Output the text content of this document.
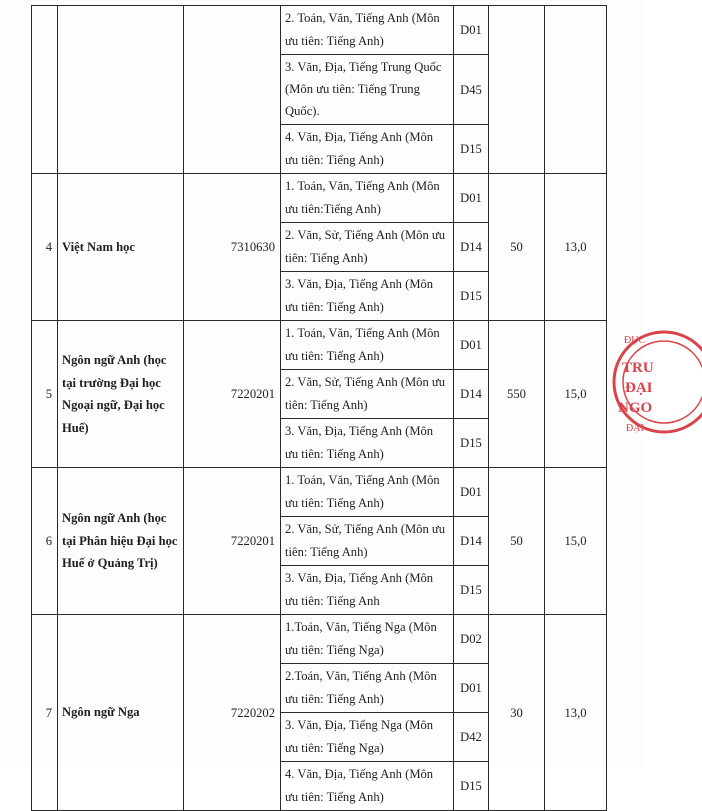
			2. Toán, Văn, Tiếng Anh (Môn ưu tiên: Tiếng Anh)	D01		
			3. Văn, Địa, Tiếng Trung Quốc (Môn ưu tiên: Tiếng Trung Quốc).	D45		
			4. Văn, Địa, Tiếng Anh (Môn ưu tiên: Tiếng Anh)	D15		
4	Việt Nam học	7310630	1. Toán, Văn, Tiếng Anh (Môn ưu tiên:Tiếng Anh)	D01	50	13,0
			2. Văn, Sử, Tiếng Anh (Môn ưu tiên: Tiếng Anh)	D14		
			3. Văn, Địa, Tiếng Anh (Môn ưu tiên: Tiếng Anh)	D15		
5	Ngôn ngữ Anh (học tại trường Đại học Ngoại ngữ, Đại học Huế)	7220201	1. Toán, Văn, Tiếng Anh (Môn ưu tiên: Tiếng Anh)	D01	550	15,0
			2. Văn, Sử, Tiếng Anh (Môn ưu tiên: Tiếng Anh)	D14		
			3. Văn, Địa, Tiếng Anh (Môn ưu tiên: Tiếng Anh)	D15		
6	Ngôn ngữ Anh (học tại Phân hiệu Đại học Huế ở Quảng Trị)	7220201	1. Toán, Văn, Tiếng Anh (Môn ưu tiên: Tiếng Anh)	D01	50	15,0
			2. Văn, Sử, Tiếng Anh (Môn ưu tiên: Tiếng Anh)	D14		
			3. Văn, Địa, Tiếng Anh (Môn ưu tiên: Tiếng Anh	D15		
7	Ngôn ngữ Nga	7220202	1.Toán, Văn, Tiếng Nga (Môn ưu tiên: Tiếng Nga)	D02	30	13,0
			2.Toán, Văn, Tiếng Anh (Môn ưu tiên: Tiếng Anh)	D01		
			3. Văn, Địa, Tiếng Nga (Môn ưu tiên: Tiếng Nga)	D42		
			4. Văn, Địa, Tiếng Anh (Môn ưu tiên: Tiếng Anh)	D15		
ĐỤC
TRU
ĐẠI
NGO
ĐẠI
